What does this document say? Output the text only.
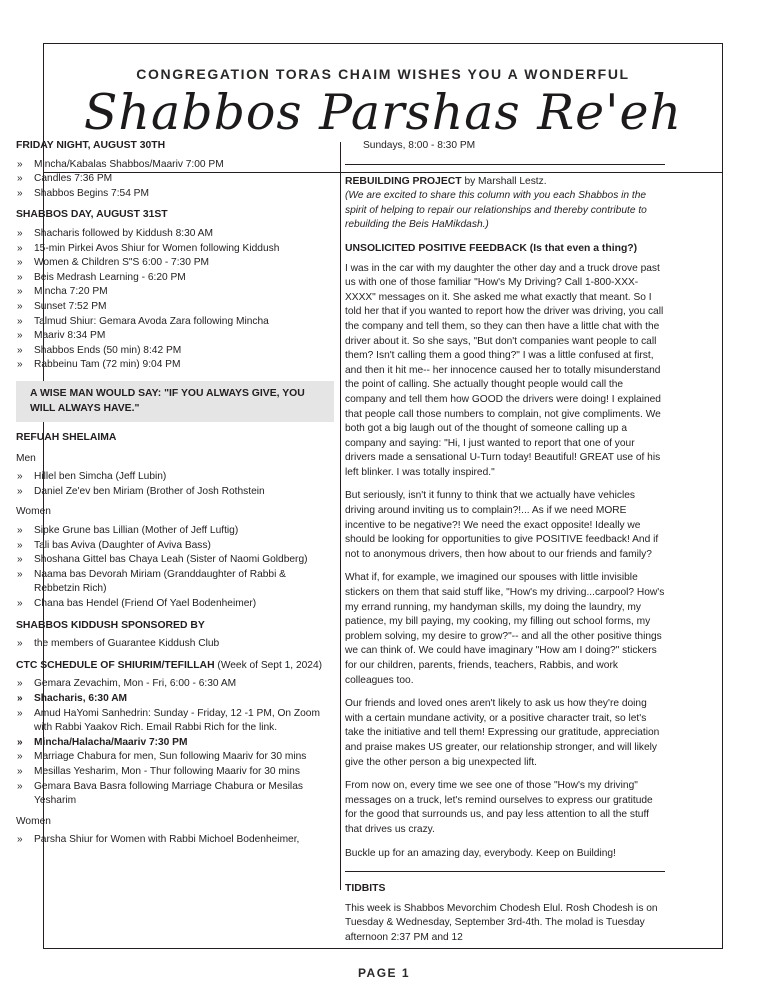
CONGREGATION TORAS CHAIM WISHES YOU A WONDERFUL
Shabbos Parshas Re'eh
FRIDAY NIGHT, AUGUST 30TH
» Mincha/Kabalas Shabbos/Maariv 7:00 PM
» Candles 7:36 PM
» Shabbos Begins 7:54 PM
SHABBOS DAY, AUGUST 31ST
» Shacharis followed by Kiddush 8:30 AM
» 15-min Pirkei Avos Shiur for Women following Kiddush
» Women & Children S"S 6:00 - 7:30 PM
» Beis Medrash Learning - 6:20 PM
» Mincha 7:20 PM
» Sunset 7:52 PM
» Talmud Shiur: Gemara Avoda Zara following Mincha
» Maariv 8:34 PM
» Shabbos Ends (50 min) 8:42 PM
» Rabbeinu Tam (72 min) 9:04 PM
A WISE MAN WOULD SAY: "IF YOU ALWAYS GIVE, YOU WILL ALWAYS HAVE."
REFUAH SHELAIMA
Men
» Hillel ben Simcha (Jeff Lubin)
» Daniel Ze'ev ben Miriam (Brother of Josh Rothstein
Women
» Sipke Grune bas Lillian (Mother of Jeff Luftig)
» Tali bas Aviva (Daughter of Aviva Bass)
» Shoshana Gittel bas Chaya Leah (Sister of Naomi Goldberg)
» Naama bas Devorah Miriam (Granddaughter of Rabbi & Rebbetzin Rich)
» Chana bas Hendel (Friend Of Yael Bodenheimer)
SHABBOS KIDDUSH SPONSORED BY
» the members of Guarantee Kiddush Club
CTC SCHEDULE OF SHIURIM/TEFILLAH (Week of Sept 1, 2024)
» Gemara Zevachim, Mon - Fri, 6:00 - 6:30 AM
» Shacharis, 6:30 AM
» Amud HaYomi Sanhedrin: Sunday - Friday, 12 -1 PM, On Zoom with Rabbi Yaakov Rich. Email Rabbi Rich for the link.
» Mincha/Halacha/Maariv 7:30 PM
» Marriage Chabura for men, Sun following Maariv for 30 mins
» Mesillas Yesharim, Mon - Thur following Maariv for 30 mins
» Gemara Bava Basra following Marriage Chabura or Mesilas Yesharim
Women
» Parsha Shiur for Women with Rabbi Michoel Bodenheimer,
Sundays, 8:00 - 8:30 PM
REBUILDING PROJECT by Marshall Lestz.

(We are excited to share this column with you each Shabbos in the spirit of helping to repair our relationships and thereby contribute to rebuilding the Beis HaMikdash.)

UNSOLICITED POSITIVE FEEDBACK (Is that even a thing?)

I was in the car with my daughter the other day and a truck drove past us with one of those familiar "How's My Driving? Call 1-800-XXX-XXXX" messages on it. She asked me what exactly that meant. So I told her that if you wanted to report how the driver was driving, you call the company and tell them, so they can then have a little chat with the driver about it. So she says, "But don't companies want people to call them? Isn't calling them a good thing?" I was a little confused at first, and then it hit me-- her innocence caused her to totally misunderstand the point of calling. She actually thought people would call the company and tell them how GOOD the drivers were doing! I explained that people call those numbers to complain, not give compliments. We both got a big laugh out of the thought of someone calling up a company and saying: "Hi, I just wanted to report that one of your drivers made a sensational U-Turn today! Beautiful! GREAT use of his left blinker. I was totally inspired."

But seriously, isn't it funny to think that we actually have vehicles driving around inviting us to complain?!... As if we need MORE incentive to be negative?! We need the exact opposite! Ideally we should be looking for opportunities to give POSITIVE feedback! And if not to anonymous drivers, then how about to our friends and family?

What if, for example, we imagined our spouses with little invisible stickers on them that said stuff like, "How's my driving...carpool? How's my errand running, my handyman skills, my doing the laundry, my patience, my bill paying, my cooking, my filling out school forms, my problem solving, my desire to grow?"-- and all the other positive things we can think of. We could have imaginary "How am I doing?" stickers for our children, parents, friends, teachers, Rabbis, and work colleagues too.

Our friends and loved ones aren't likely to ask us how they're doing with a certain mundane activity, or a positive character trait, so let's take the initiative and tell them! Expressing our gratitude, appreciation and praise makes US greater, our relationship stronger, and will likely give the other person a big unexpected lift.

From now on, every time we see one of those "How's my driving" messages on a truck, let's remind ourselves to express our gratitude for the good that surrounds us, and pay less attention to all the stuff that drives us crazy.

Buckle up for an amazing day, everybody. Keep on Building!

TIDBITS
This week is Shabbos Mevorchim Chodesh Elul. Rosh Chodesh is on Tuesday & Wednesday, September 3rd-4th. The molad is Tuesday afternoon 2:37 PM and 12
PAGE 1
